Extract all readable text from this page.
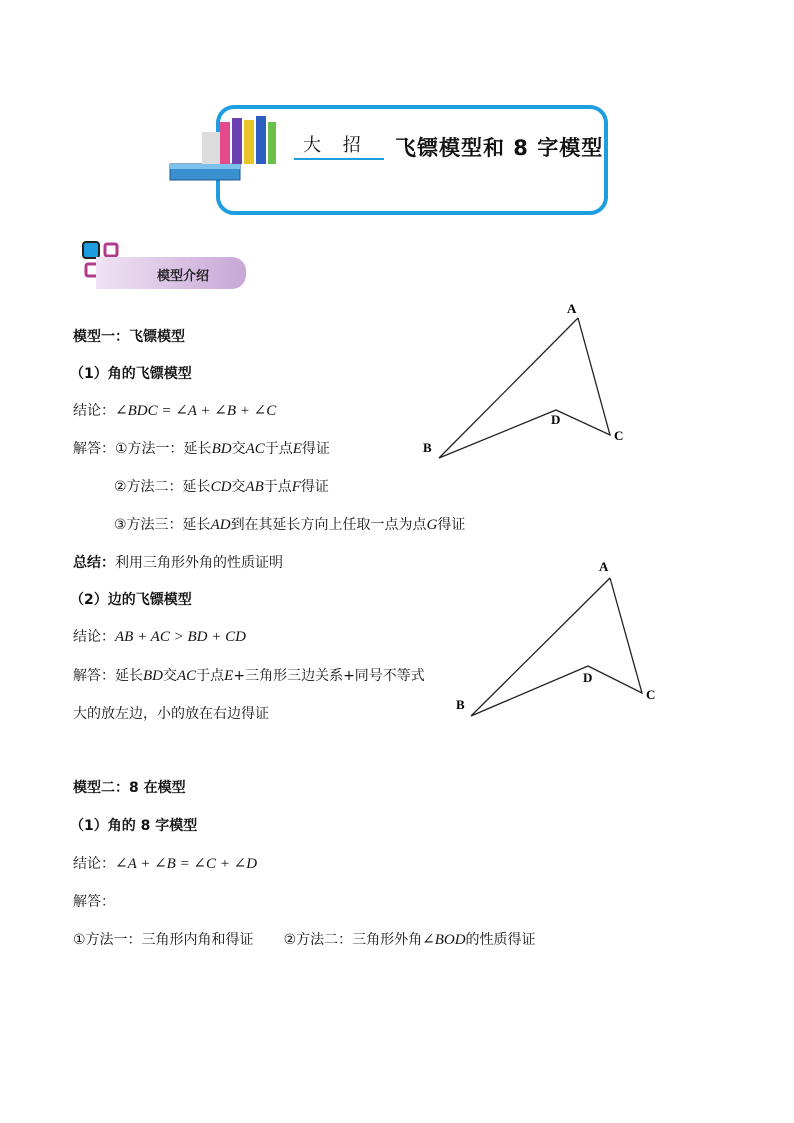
大 招 飞镖模型和 8 字模型
模型介绍
模型一：飞镖模型
（1）角的飞镖模型
结论：∠BDC = ∠A + ∠B + ∠C
解答：①方法一：延长BD交AC于点E得证
②方法二：延长CD交AB于点F得证
③方法三：延长AD到在其延长方向上任取一点为点G得证
总结：利用三角形外角的性质证明
（2）边的飞镖模型
结论：AB + AC > BD + CD
解答：延长BD交AC于点E+三角形三边关系+同号不等式
大的放左边，小的放在右边得证
模型二：8 在模型
（1）角的 8 字模型
结论：∠A + ∠B = ∠C + ∠D
解答：
①方法一：三角形内角和得证 ②方法二：三角形外角∠BOD的性质得证
A
B
C
D
A
B
C
D
